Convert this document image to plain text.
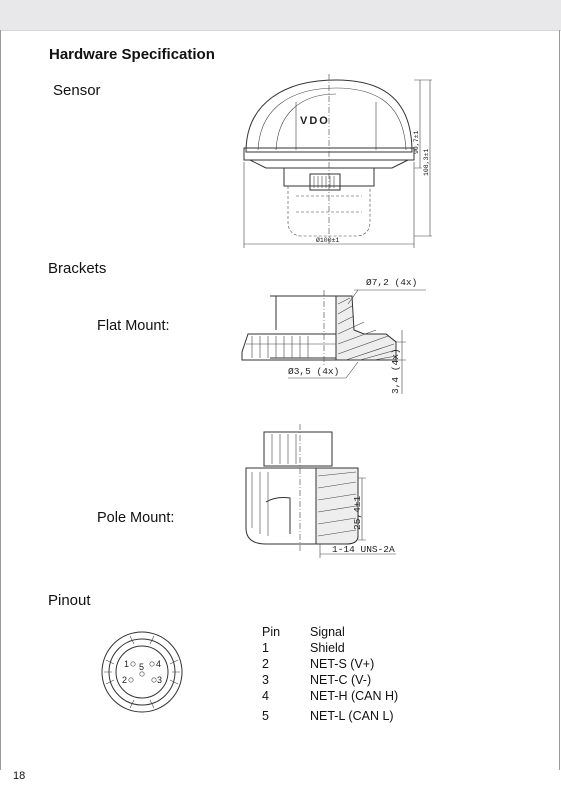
Hardware Specification
Sensor
VDO
Ø100±1
90,7±1
108,3±1
Brackets
Flat Mount:
Ø7,2 (4x)
Ø3,5 (4x)	3,4 (4x)
Pole Mount:	25,4±1
1-14 UNS-2A
Pinout
1
2	3
4
5
Pin Signal
1	Shield
2	NET-S (V+)
3	NET-C (V-)
4	NET-H (CAN H)
5	NET-L (CAN L)
18
